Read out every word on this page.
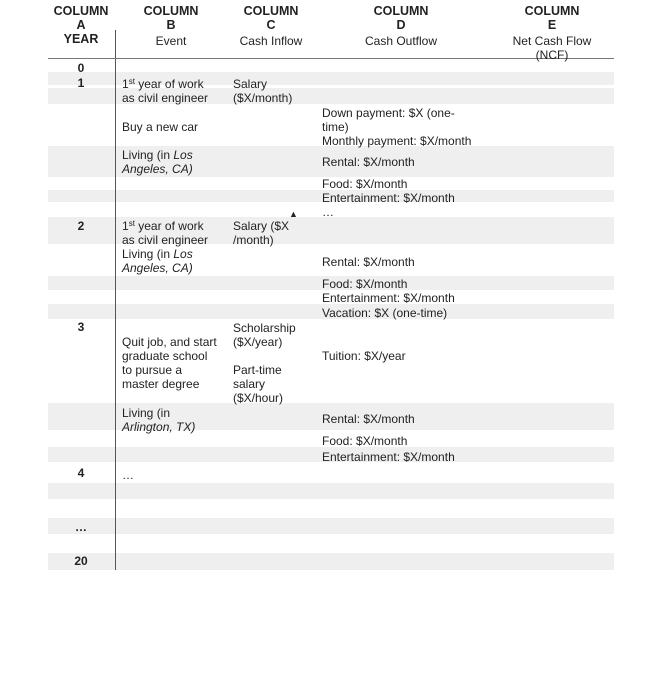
COLUMN
A
YEAR
COLUMN
B
Event
COLUMN
C
Cash Inflow
COLUMN
D
Cash Outflow
COLUMN
E
Net Cash Flow
(NCF)
0
1
2
3
4
…
20
1st year of work
as civil engineer
Salary
($X/month)
Buy a new car
Down payment: $X (one-
time)
Monthly payment: $X/month
Living (in Los
Angeles, CA)	Rental: $X/month
Food: $X/month
Entertainment: $X/month
…
1st year of work
as civil engineer
Living (in Los
Angeles, CA)
Salary ($X
/month)
▲
Rental: $X/month
Food: $X/month
Entertainment: $X/month
Vacation: $X (one-time)
Scholarship
($X/year)
Quit job, and start
graduate school
to pursue a
master degree
Tuition: $X/year
Part-time
salary
($X/hour)
Living (in
Arlington, TX)
Rental: $X/month
Food: $X/month
Entertainment: $X/month
…
